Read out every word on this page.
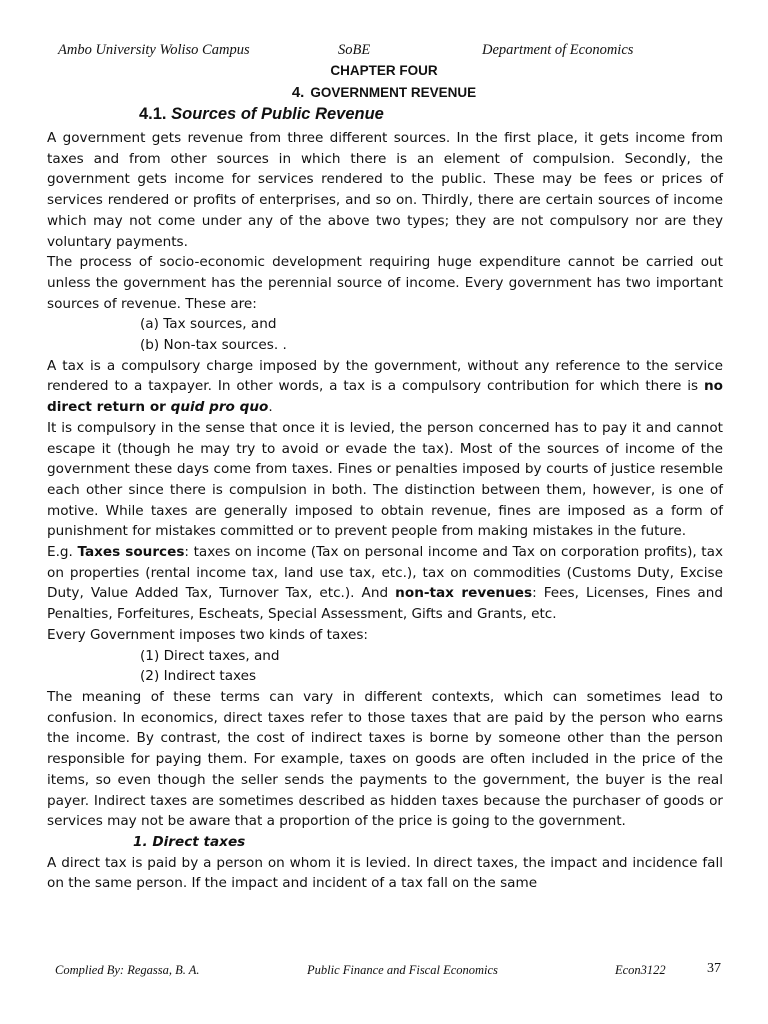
Ambo University Woliso Campus	SoBE	Department of Economics
CHAPTER FOUR
4. GOVERNMENT REVENUE
4.1. Sources of Public Revenue

A government gets revenue from three different sources. In the first place, it gets income from taxes and from other sources in which there is an element of compulsion. Secondly, the government gets income for services rendered to the public. These may be fees or prices of services rendered or profits of enterprises, and so on. Thirdly, there are certain sources of income which may not come under any of the above two types; they are not compulsory nor are they voluntary payments.

The process of socio-economic development requiring huge expenditure cannot be carried out unless the government has the perennial source of income. Every government has two important sources of revenue. These are:

(a) Tax sources, and

(b) Non-tax sources. .

A tax is a compulsory charge imposed by the government, without any reference to the service rendered to a taxpayer. In other words, a tax is a compulsory contribution for which there is no direct return or quid pro quo.

It is compulsory in the sense that once it is levied, the person concerned has to pay it and cannot escape it (though he may try to avoid or evade the tax). Most of the sources of income of the government these days come from taxes. Fines or penalties imposed by courts of justice resemble each other since there is compulsion in both. The distinction between them, however, is one of motive. While taxes are generally imposed to obtain revenue, fines are imposed as a form of punishment for mistakes committed or to prevent people from making mistakes in the future.

E.g. Taxes sources: taxes on income (Tax on personal income and Tax on corporation profits), tax on properties (rental income tax, land use tax, etc.), tax on commodities (Customs Duty, Excise Duty, Value Added Tax, Turnover Tax, etc.). And non-tax revenues: Fees, Licenses, Fines and Penalties, Forfeitures, Escheats, Special Assessment, Gifts and Grants, etc.

Every Government imposes two kinds of taxes:

(1) Direct taxes, and

(2) Indirect taxes

The meaning of these terms can vary in different contexts, which can sometimes lead to confusion. In economics, direct taxes refer to those taxes that are paid by the person who earns the income. By contrast, the cost of indirect taxes is borne by someone other than the person responsible for paying them. For example, taxes on goods are often included in the price of the items, so even though the seller sends the payments to the government, the buyer is the real payer. Indirect taxes are sometimes described as hidden taxes because the purchaser of goods or services may not be aware that a proportion of the price is going to the government.

1. Direct taxes

A direct tax is paid by a person on whom it is levied. In direct taxes, the impact and incidence fall on the same person. If the impact and incident of a tax fall on the same

Complied By: Regassa, B. A.	Public Finance and Fiscal Economics	Econ3122	37
